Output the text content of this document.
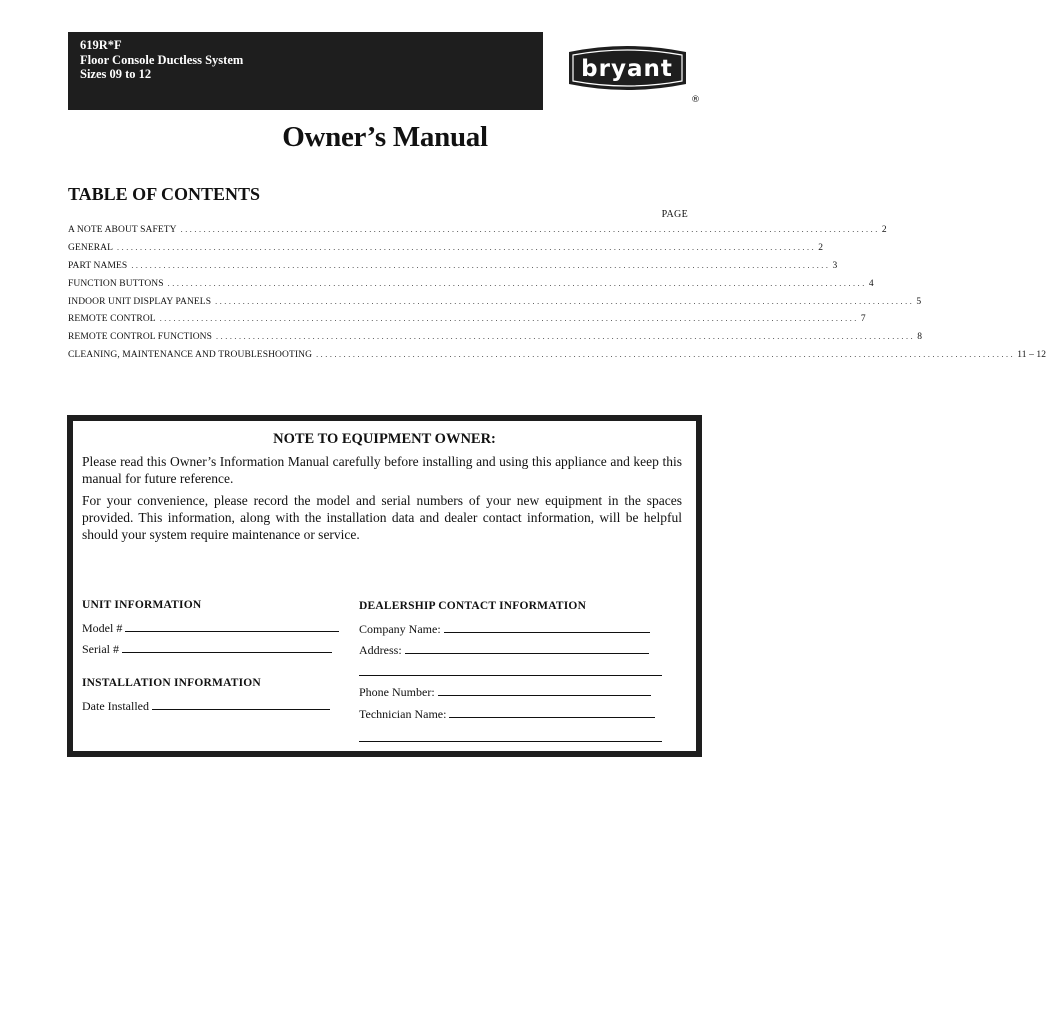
619R*F
Floor Console Ductless System
Sizes 09 to 12	bryant
®
Owner’s Manual
TABLE OF CONTENTS
PAGE
A NOTE ABOUT SAFETY ........................................................................................................................................................ 2
GENERAL ........................................................................................................................................................ 2
PART NAMES ........................................................................................................................................................ 3
FUNCTION BUTTONS ........................................................................................................................................................ 4
INDOOR UNIT DISPLAY PANELS ........................................................................................................................................................ 5
REMOTE CONTROL ........................................................................................................................................................ 7
REMOTE CONTROL FUNCTIONS ........................................................................................................................................................ 8
CLEANING, MAINTENANCE AND TROUBLESHOOTING ........................................................................................................................................................ 11 – 12
NOTE TO EQUIPMENT OWNER:

Please read this Owner’s Information Manual carefully before installing and using this appliance and keep this manual for future reference.

For your convenience, please record the model and serial numbers of your new equipment in the spaces provided. This information, along with the installation data and dealer contact information, will be helpful should your system require maintenance or service.

UNIT INFORMATION
Model #
Serial #
INSTALLATION INFORMATION
Date Installed
DEALERSHIP CONTACT INFORMATION
Company Name:
Address:
Phone Number:
Technician Name:
